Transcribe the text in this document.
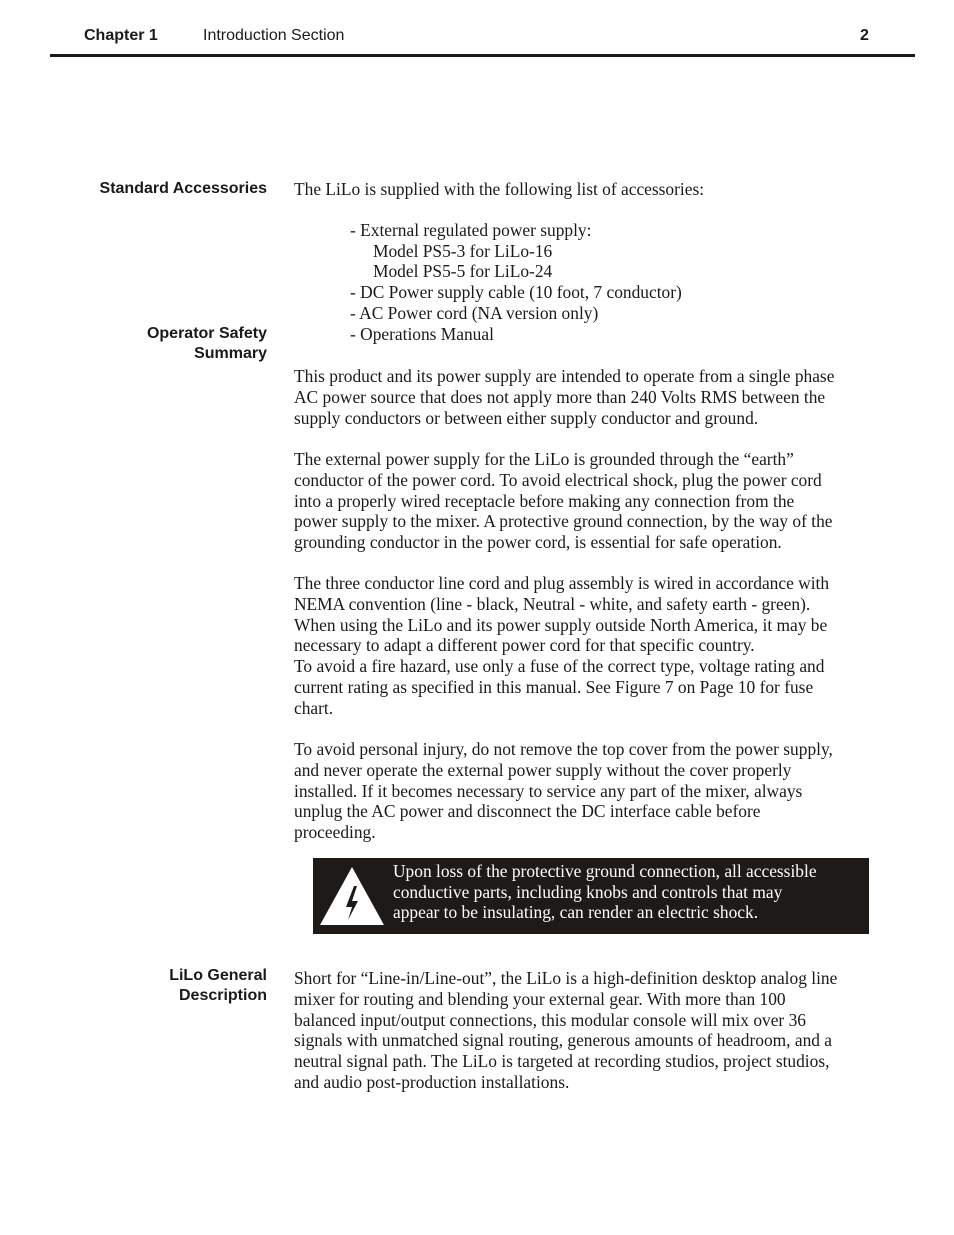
Chapter 1	Introduction Section	2
Standard Accessories
Operator Safety
Summary
LiLo General
Description
The LiLo is supplied with the following list of accessories:
- External regulated power supply:
Model PS5-3 for LiLo-16
Model PS5-5 for LiLo-24
- DC Power supply cable (10 foot, 7 conductor)
- AC Power cord (NA version only)
- Operations Manual
This product and its power supply are intended to operate from a single phase
AC power source that does not apply more than 240 Volts RMS between the
supply conductors or between either supply conductor and ground.
The external power supply for the LiLo is grounded through the “earth”
conductor of the power cord. To avoid electrical shock, plug the power cord
into a properly wired receptacle before making any connection from the
power supply to the mixer. A protective ground connection, by the way of the
grounding conductor in the power cord, is essential for safe operation.
The three conductor line cord and plug assembly is wired in accordance with
NEMA convention (line - black, Neutral - white, and safety earth - green).
When using the LiLo and its power supply outside North America, it may be
necessary to adapt a different power cord for that specific country.
To avoid a fire hazard, use only a fuse of the correct type, voltage rating and
current rating as specified in this manual. See Figure 7 on Page 10 for fuse
chart.
To avoid personal injury, do not remove the top cover from the power supply,
and never operate the external power supply without the cover properly
installed. If it becomes necessary to service any part of the mixer, always
unplug the AC power and disconnect the DC interface cable before
proceeding.
Upon loss of the protective ground connection, all accessible
conductive parts, including knobs and controls that may
appear to be insulating, can render an electric shock.
Short for “Line-in/Line-out”, the LiLo is a high-definition desktop analog line
mixer for routing and blending your external gear. With more than 100
balanced input/output connections, this modular console will mix over 36
signals with unmatched signal routing, generous amounts of headroom, and a
neutral signal path. The LiLo is targeted at recording studios, project studios,
and audio post-production installations.
